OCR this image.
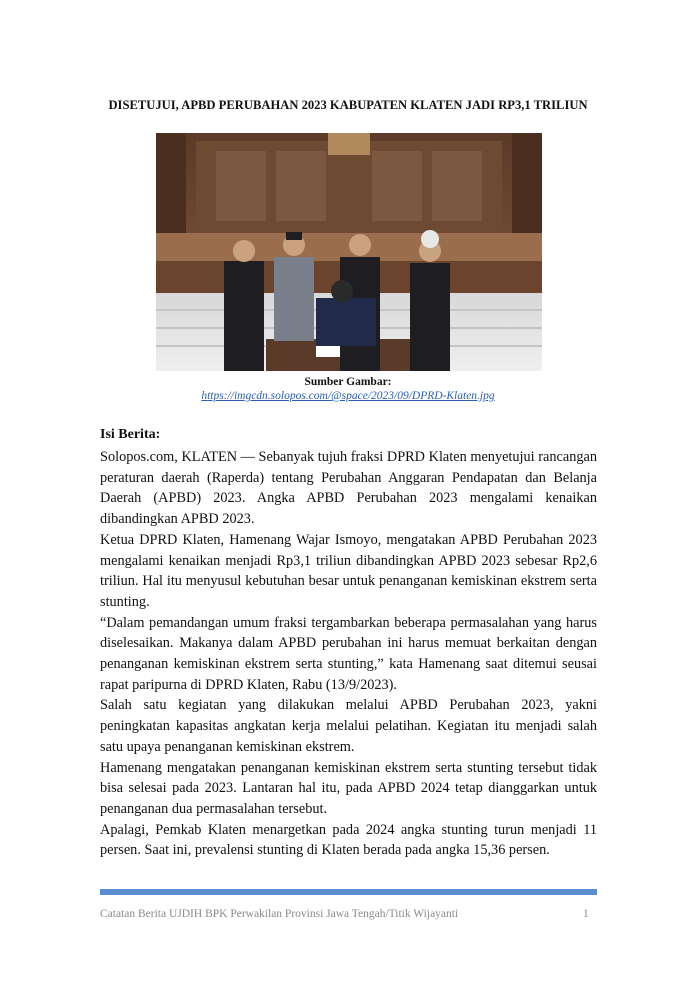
DISETUJUI, APBD PERUBAHAN 2023 KABUPATEN KLATEN JADI RP3,1 TRILIUN
Sumber Gambar:
https://imgcdn.solopos.com/@space/2023/09/DPRD-Klaten.jpg
Isi Berita:

Solopos.com, KLATEN — Sebanyak tujuh fraksi DPRD Klaten menyetujui rancangan peraturan daerah (Raperda) tentang Perubahan Anggaran Pendapatan dan Belanja Daerah (APBD) 2023. Angka APBD Perubahan 2023 mengalami kenaikan dibandingkan APBD 2023.

Ketua DPRD Klaten, Hamenang Wajar Ismoyo, mengatakan APBD Perubahan 2023 mengalami kenaikan menjadi Rp3,1 triliun dibandingkan APBD 2023 sebesar Rp2,6 triliun. Hal itu menyusul kebutuhan besar untuk penanganan kemiskinan ekstrem serta stunting.

“Dalam pemandangan umum fraksi tergambarkan beberapa permasalahan yang harus diselesaikan. Makanya dalam APBD perubahan ini harus memuat berkaitan dengan penanganan kemiskinan ekstrem serta stunting,” kata Hamenang saat ditemui seusai rapat paripurna di DPRD Klaten, Rabu (13/9/2023).

Salah satu kegiatan yang dilakukan melalui APBD Perubahan 2023, yakni peningkatan kapasitas angkatan kerja melalui pelatihan. Kegiatan itu menjadi salah satu upaya penanganan kemiskinan ekstrem.

Hamenang mengatakan penanganan kemiskinan ekstrem serta stunting tersebut tidak bisa selesai pada 2023. Lantaran hal itu, pada APBD 2024 tetap dianggarkan untuk penanganan dua permasalahan tersebut.

Apalagi, Pemkab Klaten menargetkan pada 2024 angka stunting turun menjadi 11 persen. Saat ini, prevalensi stunting di Klaten berada pada angka 15,36 persen.

Catatan Berita UJDIH BPK Perwakilan Provinsi Jawa Tengah/Titik Wijayanti	1
